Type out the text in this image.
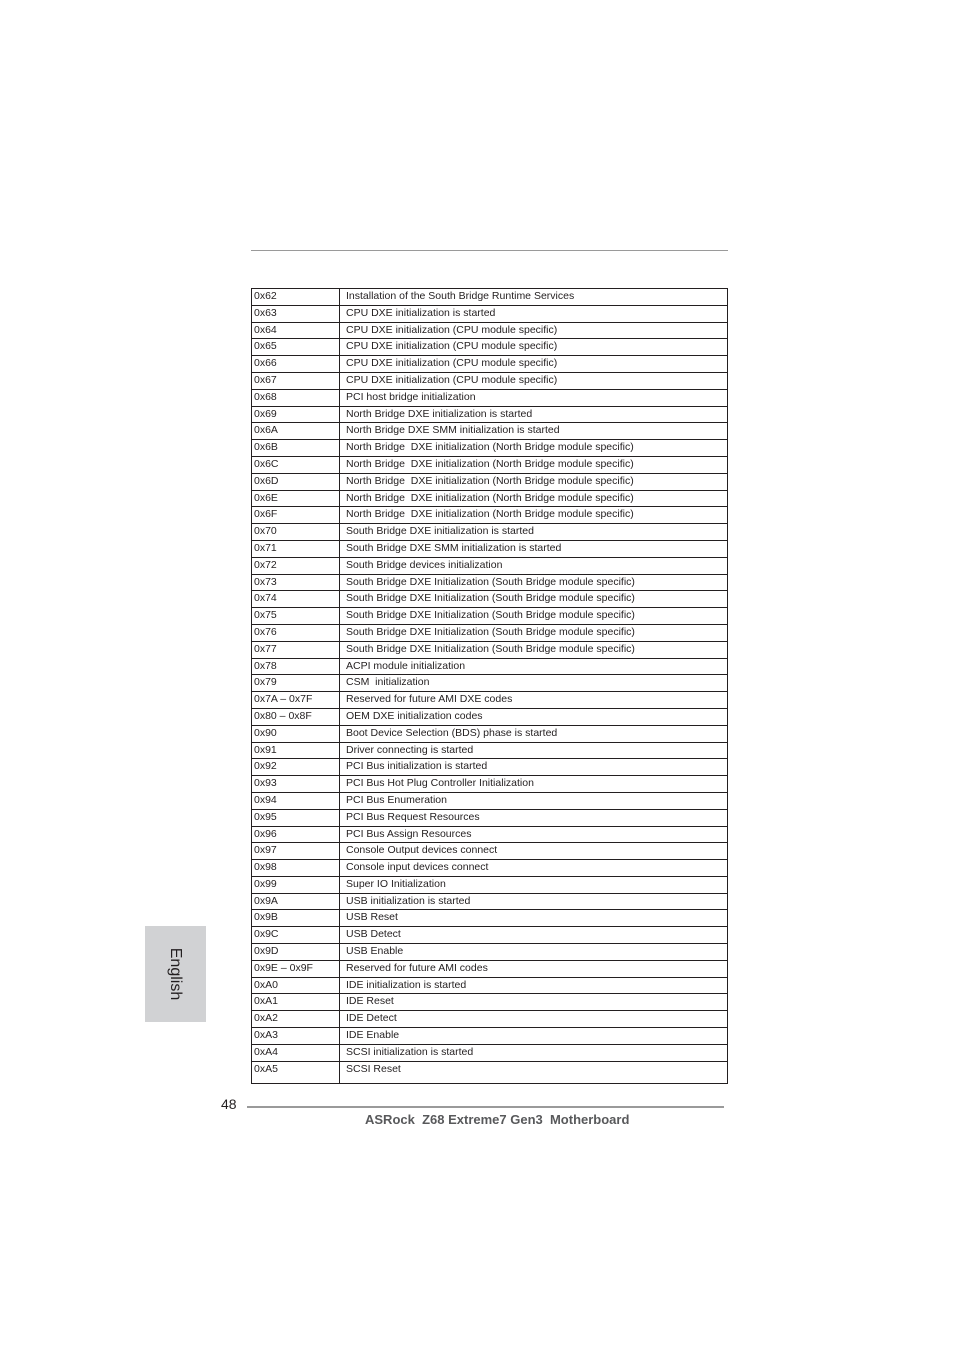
0x62	Installation of the South Bridge Runtime Services
0x63	CPU DXE initialization is started
0x64	CPU DXE initialization (CPU module specific)
0x65	CPU DXE initialization (CPU module specific)
0x66	CPU DXE initialization (CPU module specific)
0x67	CPU DXE initialization (CPU module specific)
0x68	PCI host bridge initialization
0x69	North Bridge DXE initialization is started
0x6A	North Bridge DXE SMM initialization is started
0x6B	North Bridge  DXE initialization (North Bridge module specific)
0x6C	North Bridge  DXE initialization (North Bridge module specific)
0x6D	North Bridge  DXE initialization (North Bridge module specific)
0x6E	North Bridge  DXE initialization (North Bridge module specific)
0x6F	North Bridge  DXE initialization (North Bridge module specific)
0x70	South Bridge DXE initialization is started
0x71	South Bridge DXE SMM initialization is started
0x72	South Bridge devices initialization
0x73	South Bridge DXE Initialization (South Bridge module specific)
0x74	South Bridge DXE Initialization (South Bridge module specific)
0x75	South Bridge DXE Initialization (South Bridge module specific)
0x76	South Bridge DXE Initialization (South Bridge module specific)
0x77	South Bridge DXE Initialization (South Bridge module specific)
0x78	ACPI module initialization
0x79	CSM  initialization
0x7A – 0x7F	Reserved for future AMI DXE codes
0x80 – 0x8F	OEM DXE initialization codes
0x90	Boot Device Selection (BDS) phase is started
0x91	Driver connecting is started
0x92	PCI Bus initialization is started
0x93	PCI Bus Hot Plug Controller Initialization
0x94	PCI Bus Enumeration
0x95	PCI Bus Request Resources
0x96	PCI Bus Assign Resources
0x97	Console Output devices connect
0x98	Console input devices connect
0x99	Super IO Initialization
0x9A	USB initialization is started
0x9B	USB Reset
0x9C	USB Detect
0x9D	USB Enable
0x9E – 0x9F	Reserved for future AMI codes
0xA0	IDE initialization is started
0xA1	IDE Reset
0xA2	IDE Detect
0xA3	IDE Enable
0xA4	SCSI initialization is started
0xA5	SCSI Reset
English
48
ASRock  Z68 Extreme7 Gen3  Motherboard
